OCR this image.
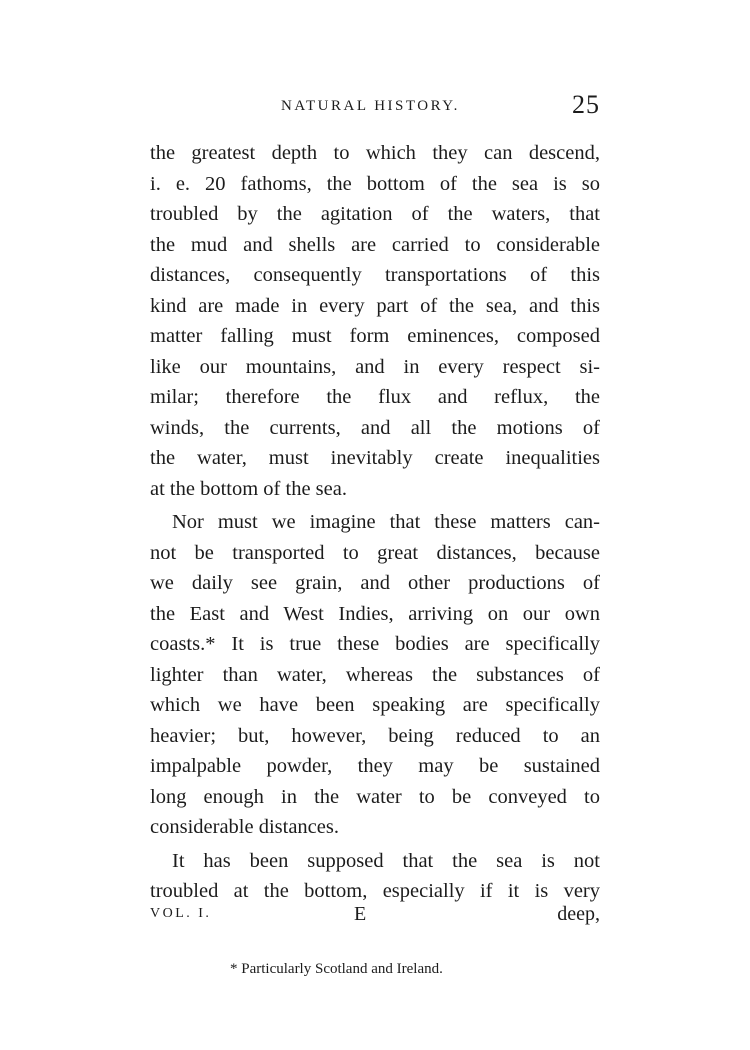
NATURAL HISTORY.	25
the greatest depth to which they can descend,
i. e. 20 fathoms, the bottom of the sea is so
troubled by the agitation of the waters, that
the mud and shells are carried to considerable
distances, consequently transportations of this
kind are made in every part of the sea, and this
matter falling must form eminences, composed
like our mountains, and in every respect si-
milar; therefore the flux and reflux, the
winds, the currents, and all the motions of
the water, must inevitably create inequalities
at the bottom of the sea.
Nor must we imagine that these matters can-
not be transported to great distances, because
we daily see grain, and other productions of
the East and West Indies, arriving on our own
coasts.* It is true these bodies are specifically
lighter than water, whereas the substances of
which we have been speaking are specifically
heavier; but, however, being reduced to an
impalpable powder, they may be sustained
long enough in the water to be conveyed to
considerable distances.
It has been supposed that the sea is not
troubled at the bottom, especially if it is very
VOL. I.	E	deep,
* Particularly Scotland and Ireland.
